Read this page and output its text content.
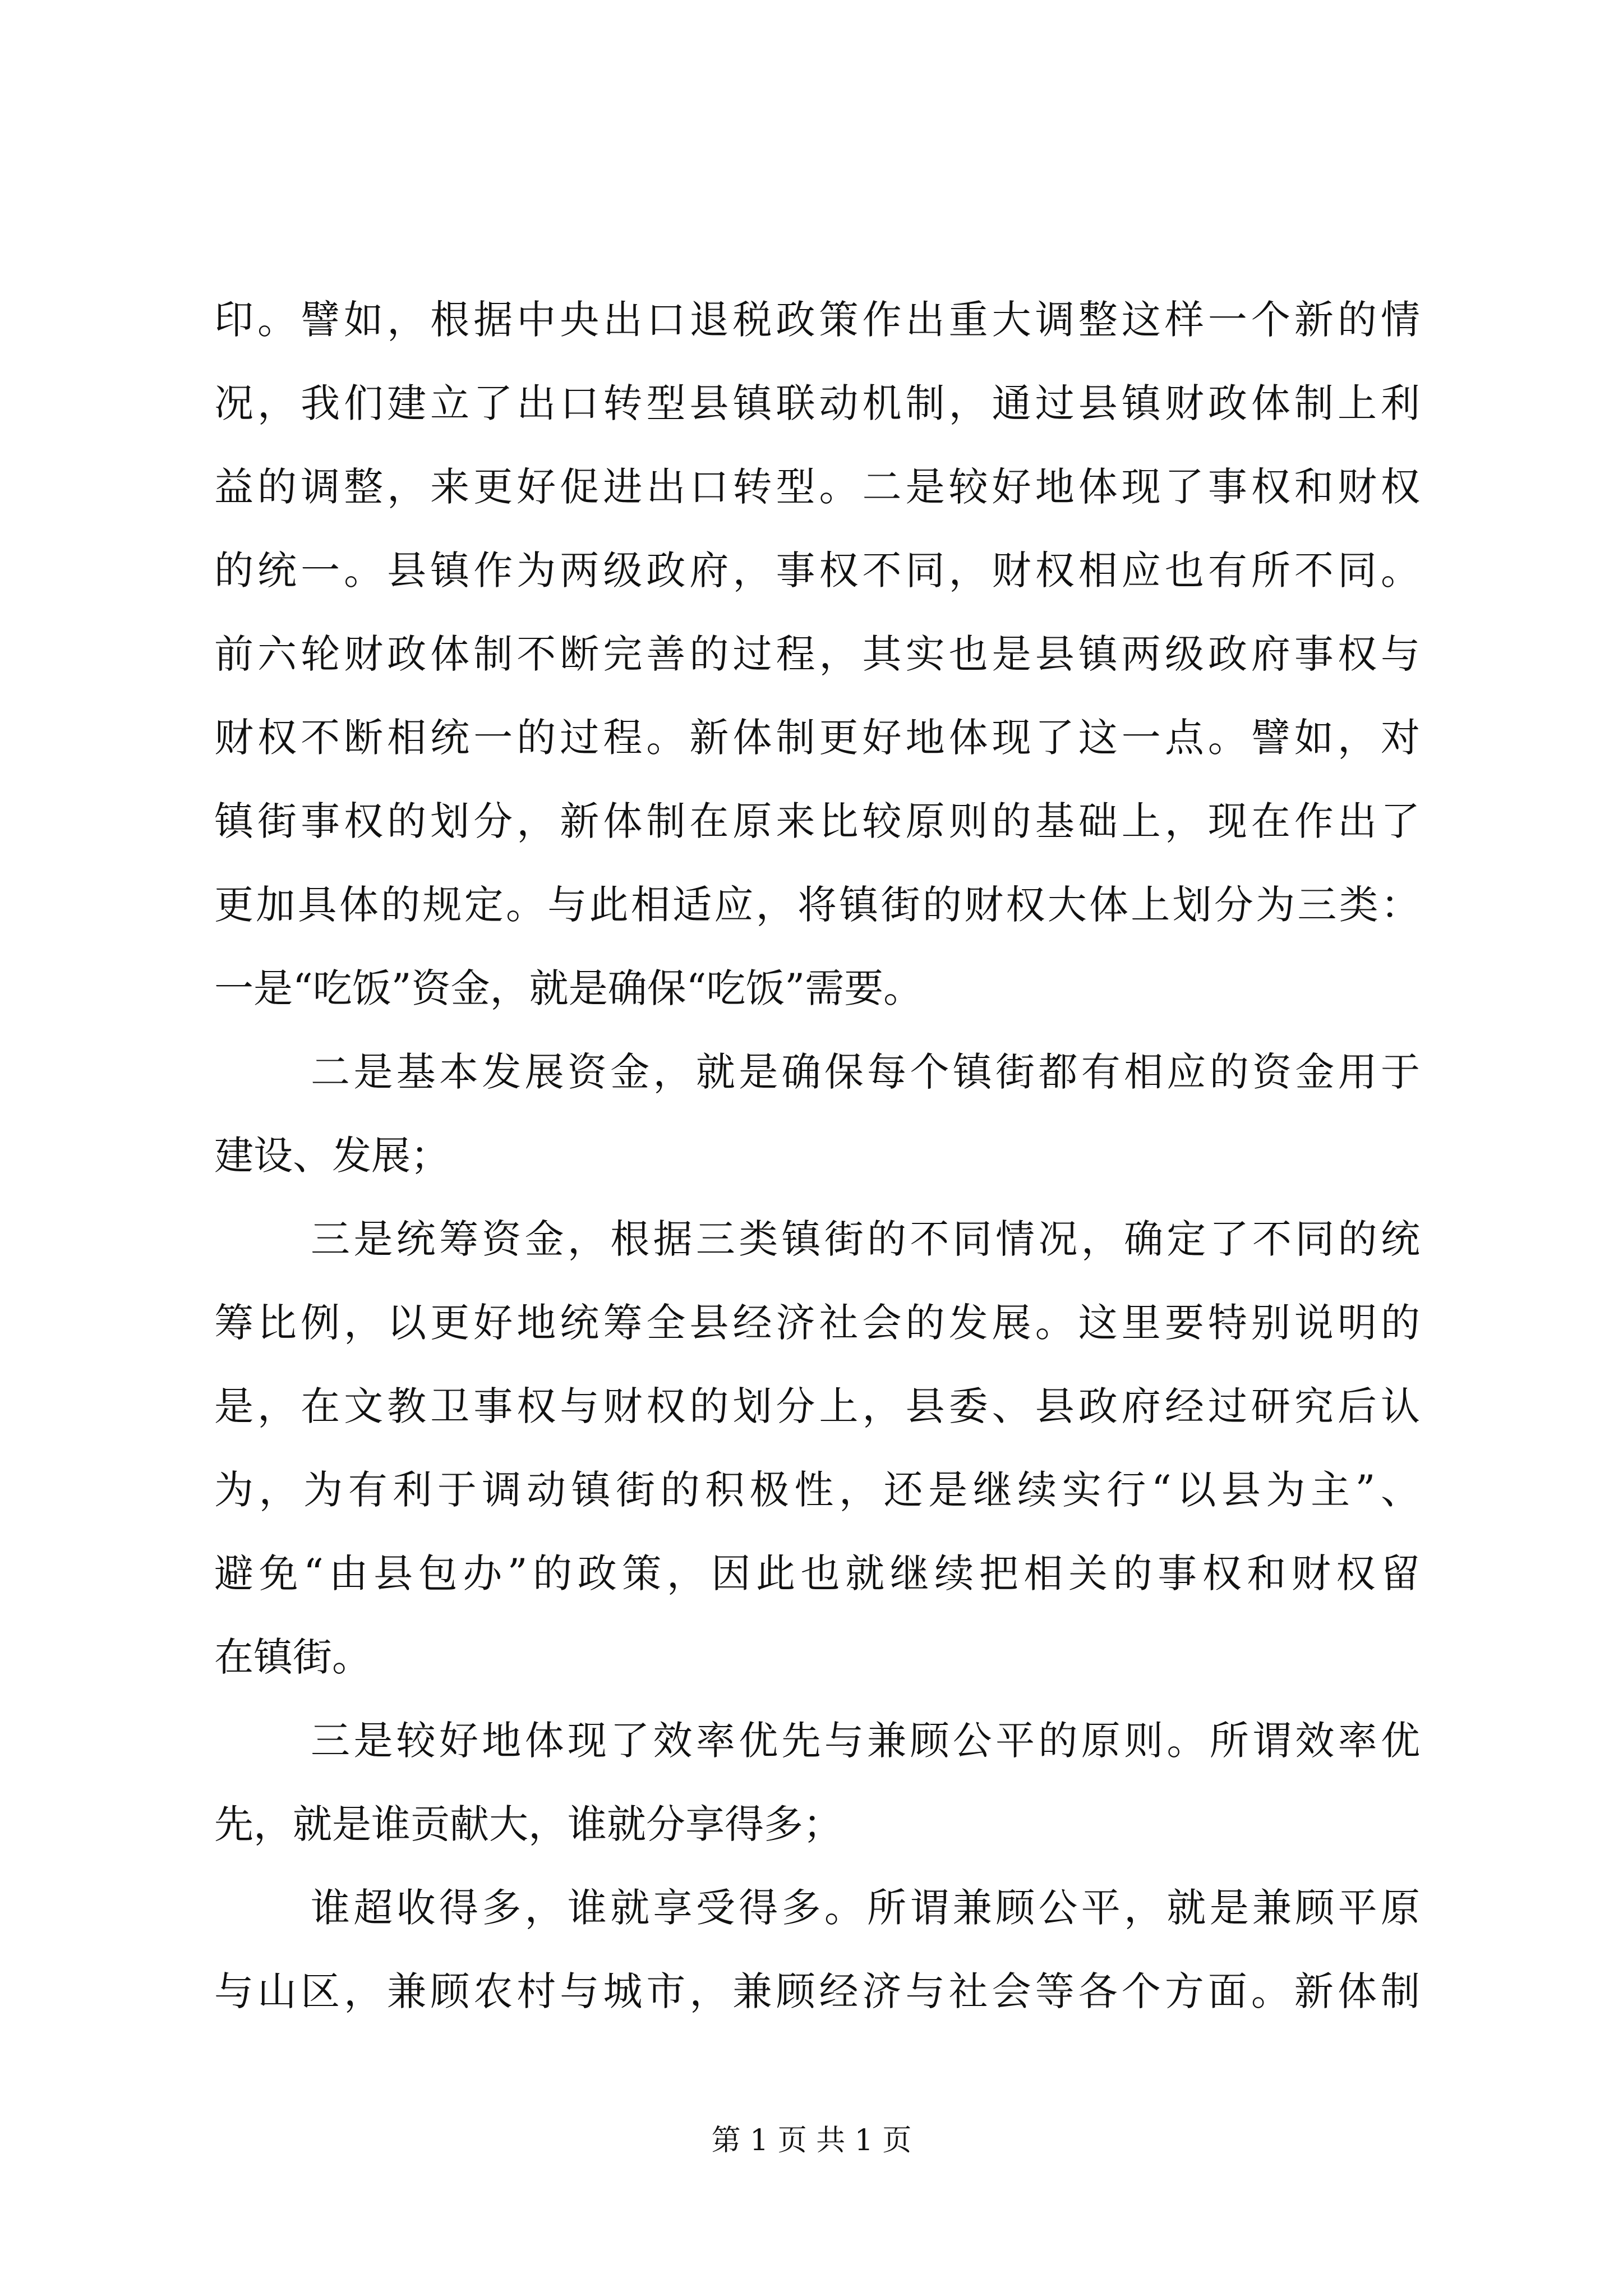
印。譬如，根据中央出口退税政策作出重大调整这样一个新的情
况，我们建立了出口转型县镇联动机制，通过县镇财政体制上利
益的调整，来更好促进出口转型。二是较好地体现了事权和财权
的统一。县镇作为两级政府，事权不同，财权相应也有所不同。
前六轮财政体制不断完善的过程，其实也是县镇两级政府事权与
财权不断相统一的过程。新体制更好地体现了这一点。譬如，对
镇街事权的划分，新体制在原来比较原则的基础上，现在作出了
更加具体的规定。与此相适应，将镇街的财权大体上划分为三类：
一是“吃饭”资金，就是确保“吃饭”需要。
二是基本发展资金，就是确保每个镇街都有相应的资金用于
建设、发展；
三是统筹资金，根据三类镇街的不同情况，确定了不同的统
筹比例，以更好地统筹全县经济社会的发展。这里要特别说明的
是，在文教卫事权与财权的划分上，县委、县政府经过研究后认
为，为有利于调动镇街的积极性，还是继续实行“以县为主”、
避免“由县包办”的政策，因此也就继续把相关的事权和财权留
在镇街。
三是较好地体现了效率优先与兼顾公平的原则。所谓效率优
先，就是谁贡献大，谁就分享得多；
谁超收得多，谁就享受得多。所谓兼顾公平，就是兼顾平原
与山区，兼顾农村与城市，兼顾经济与社会等各个方面。新体制
第 1 页 共 1 页
